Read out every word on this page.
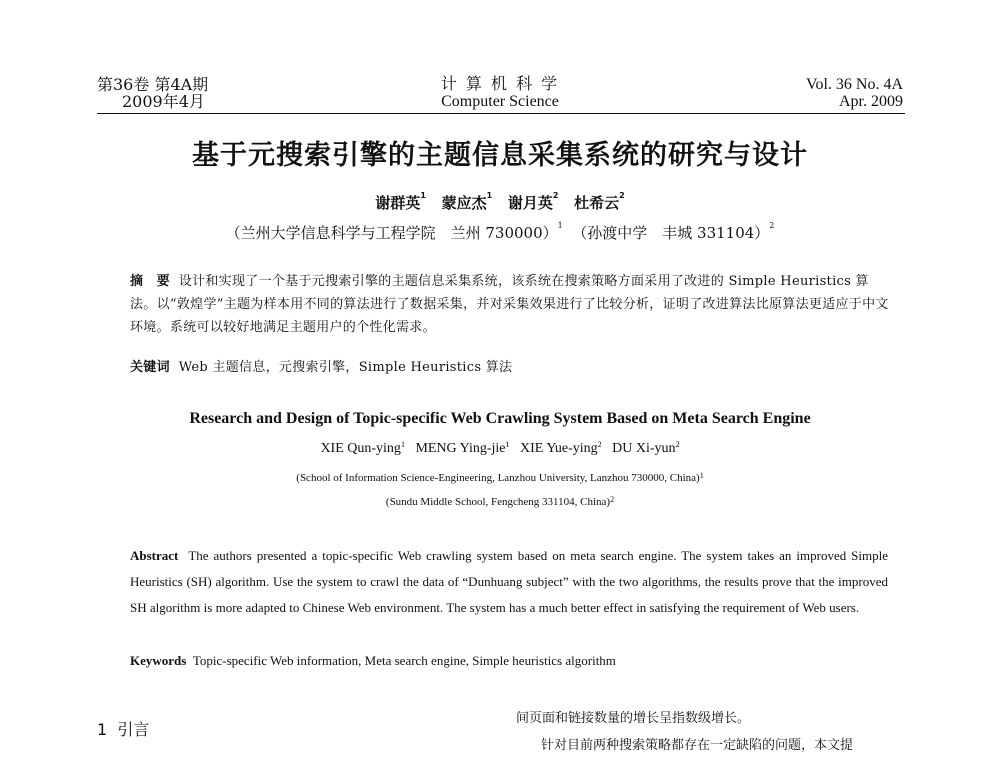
第36卷 第4A期
2009年4月
计 算 机 科 学
Computer Science
Vol. 36 No. 4A
Apr. 2009
基于元搜索引擎的主题信息采集系统的研究与设计
谢群英$^1$ 蒙应杰$^1$ 谢月英$^2$ 杜希云$^2$
（兰州大学信息科学与工程学院　兰州 730000）$^1$ （孙渡中学　丰城 331104）$^2$
摘　要 设计和实现了一个基于元搜索引擎的主题信息采集系统，该系统在搜索策略方面采用了改进的 Simple Heuristics 算法。以“敦煌学”主题为样本用不同的算法进行了数据采集，并对采集效果进行了比较分析，证明了改进算法比原算法更适应于中文环境。系统可以较好地满足主题用户的个性化需求。
关键词 Web 主题信息，元搜索引擎，Simple Heuristics 算法
Research and Design of Topic-specific Web Crawling System Based on Meta Search Engine
XIE Qun-ying$^1$ MENG Ying-jie$^1$ XIE Yue-ying$^2$ DU Xi-yun$^2$
(School of Information Science-Engineering, Lanzhou University, Lanzhou 730000, China)$^1$
(Sundu Middle School, Fengcheng 331104, China)$^2$
Abstract The authors presented a topic-specific Web crawling system based on meta search engine. The system takes an improved Simple Heuristics (SH) algorithm. Use the system to crawl the data of “Dunhuang subject” with the two algorithms, the results prove that the improved SH algorithm is more adapted to Chinese Web environment. The system has a much better effect in satisfying the requirement of Web users.
Keywords Topic-specific Web information, Meta search engine, Simple heuristics algorithm
1 引言
间页面和链接数量的增长呈指数级增长。
针对目前两种搜索策略都存在一定缺陷的问题，本文提
